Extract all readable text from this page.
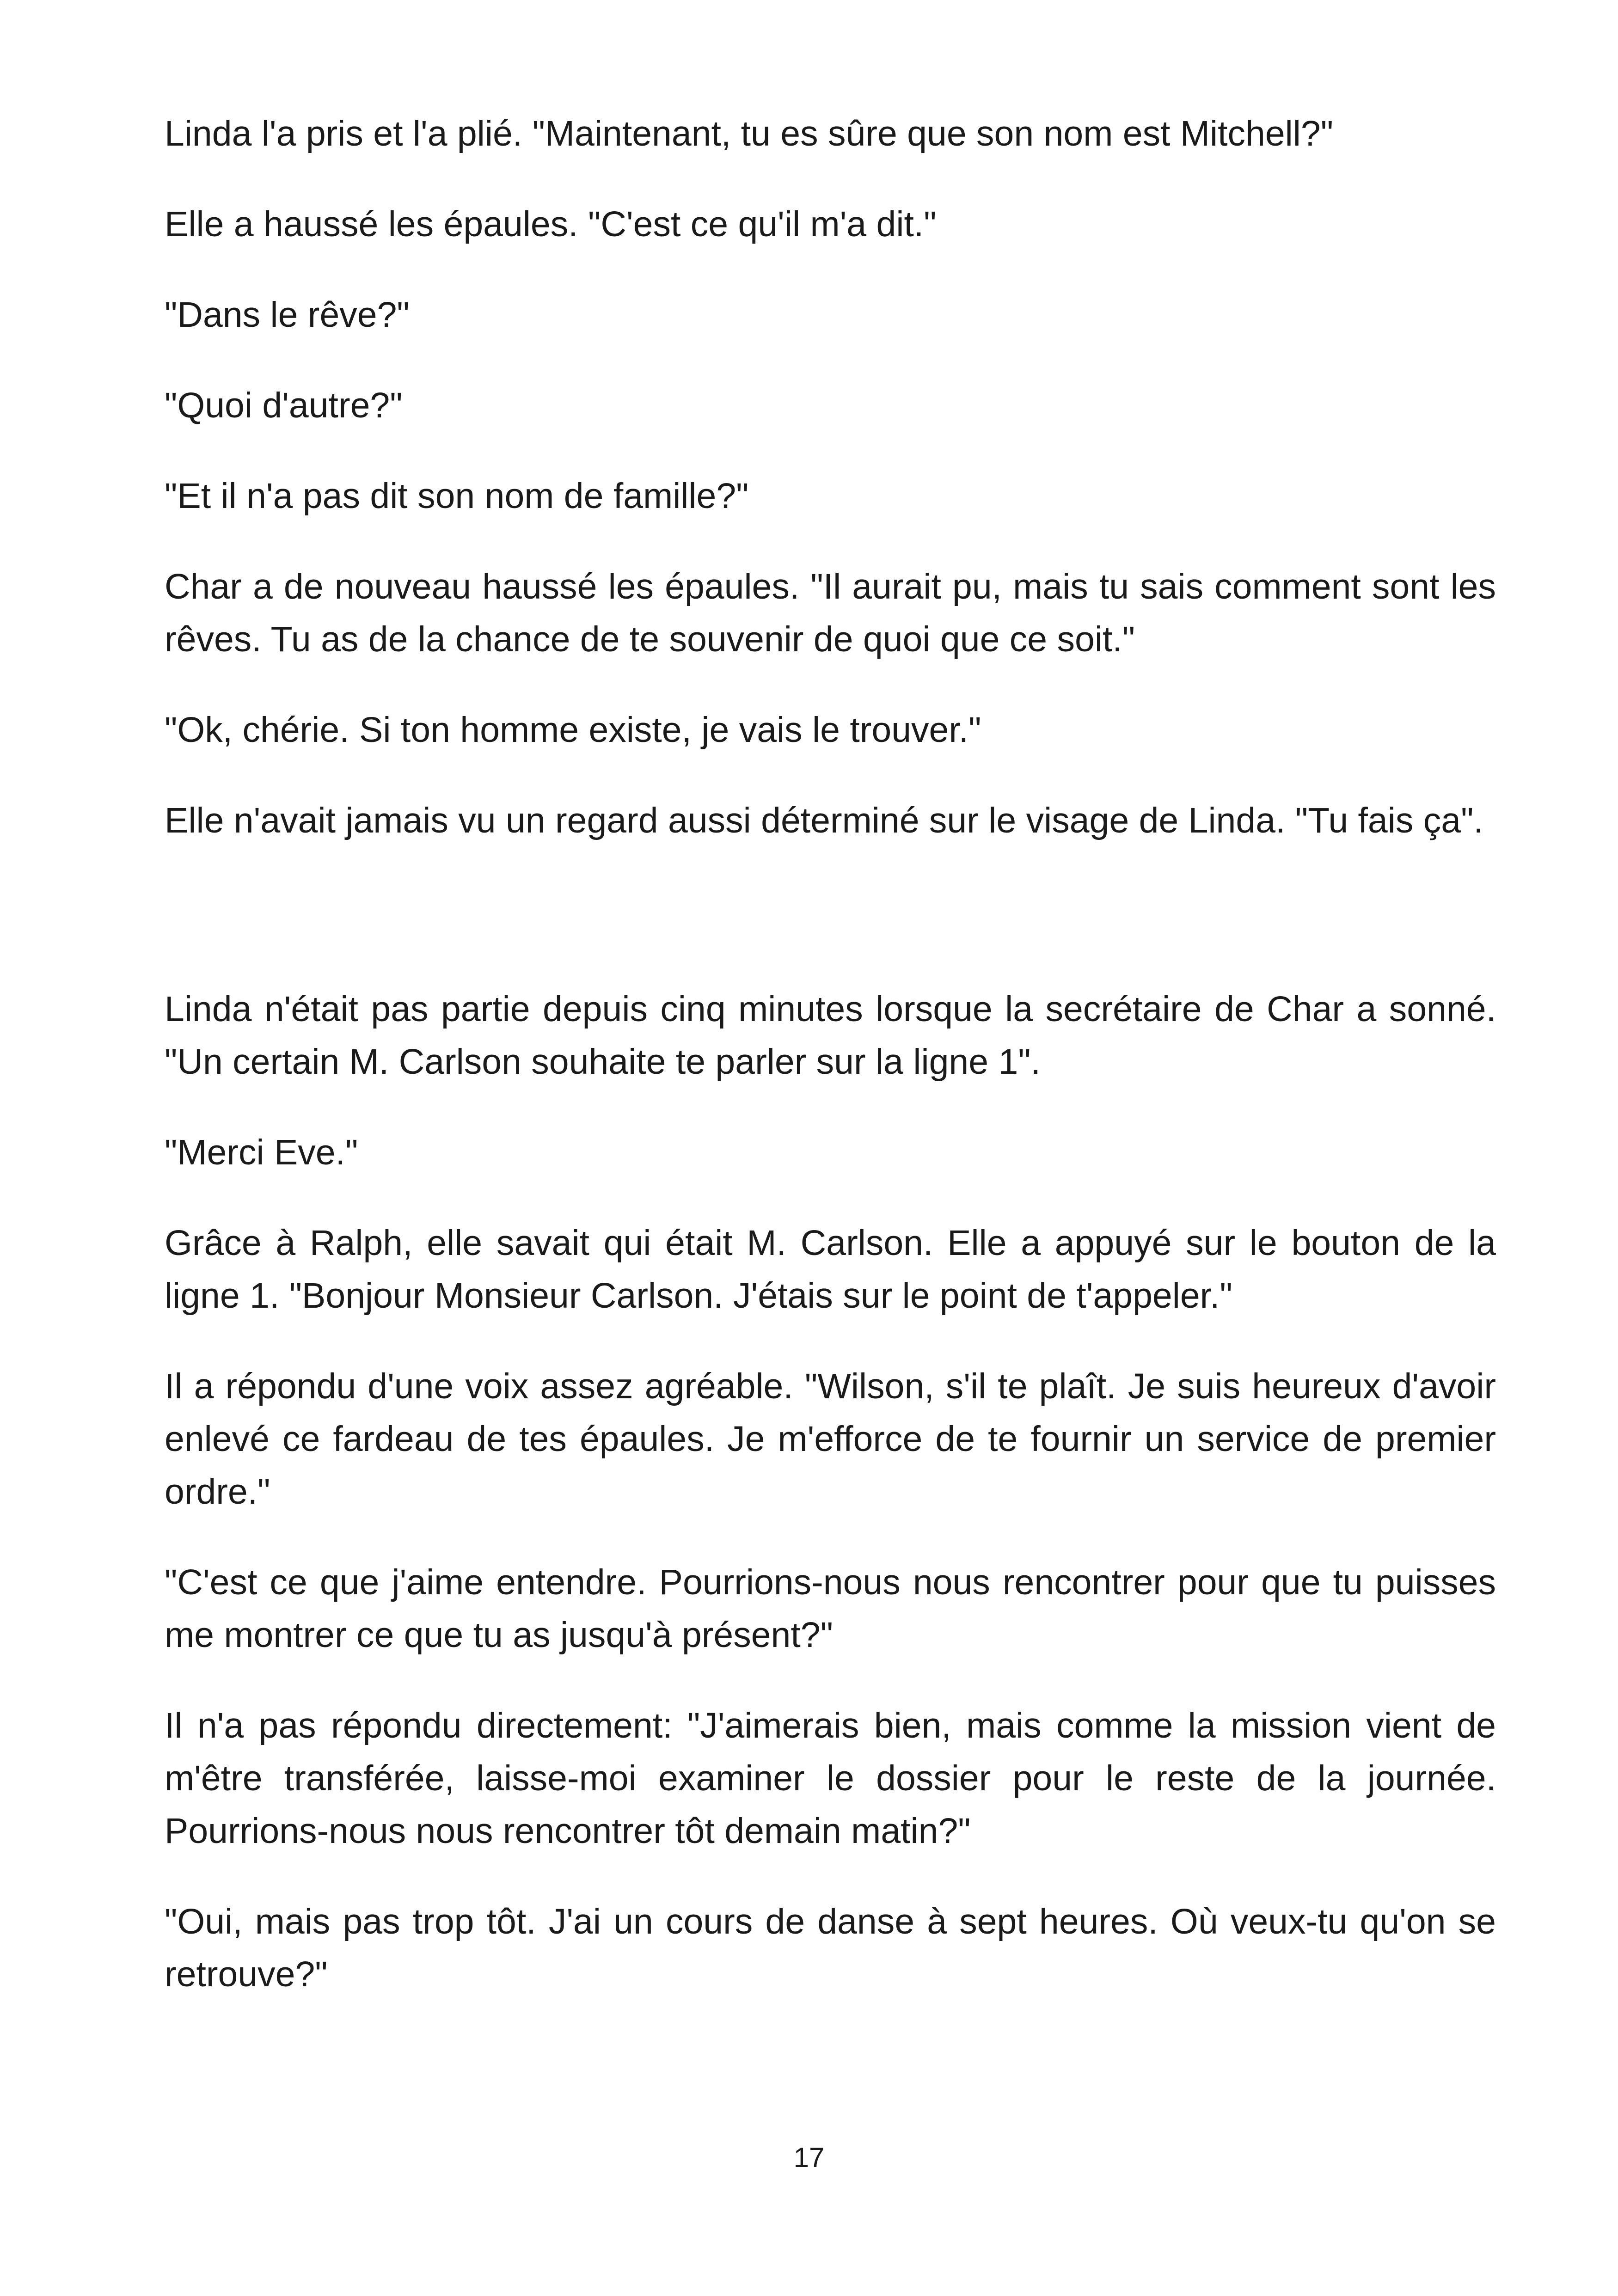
Linda l'a pris et l'a plié. "Maintenant, tu es sûre que son nom est Mitchell?"

Elle a haussé les épaules. "C'est ce qu'il m'a dit."

"Dans le rêve?"

"Quoi d'autre?"

"Et il n'a pas dit son nom de famille?"

Char a de nouveau haussé les épaules. "Il aurait pu, mais tu sais comment sont les rêves. Tu as de la chance de te souvenir de quoi que ce soit."

"Ok, chérie. Si ton homme existe, je vais le trouver."

Elle n'avait jamais vu un regard aussi déterminé sur le visage de Linda. "Tu fais ça".

Linda n'était pas partie depuis cinq minutes lorsque la secrétaire de Char a sonné. "Un certain M. Carlson souhaite te parler sur la ligne 1".

"Merci Eve."

Grâce à Ralph, elle savait qui était M. Carlson. Elle a appuyé sur le bouton de la ligne 1. "Bonjour Monsieur Carlson. J'étais sur le point de t'appeler."

Il a répondu d'une voix assez agréable. "Wilson, s'il te plaît. Je suis heureux d'avoir enlevé ce fardeau de tes épaules. Je m'efforce de te fournir un service de premier ordre."

"C'est ce que j'aime entendre. Pourrions-nous nous rencontrer pour que tu puisses me montrer ce que tu as jusqu'à présent?"

Il n'a pas répondu directement: "J'aimerais bien, mais comme la mission vient de m'être transférée, laisse-moi examiner le dossier pour le reste de la journée. Pourrions-nous nous rencontrer tôt demain matin?"

"Oui, mais pas trop tôt. J'ai un cours de danse à sept heures. Où veux-tu qu'on se retrouve?"

17
